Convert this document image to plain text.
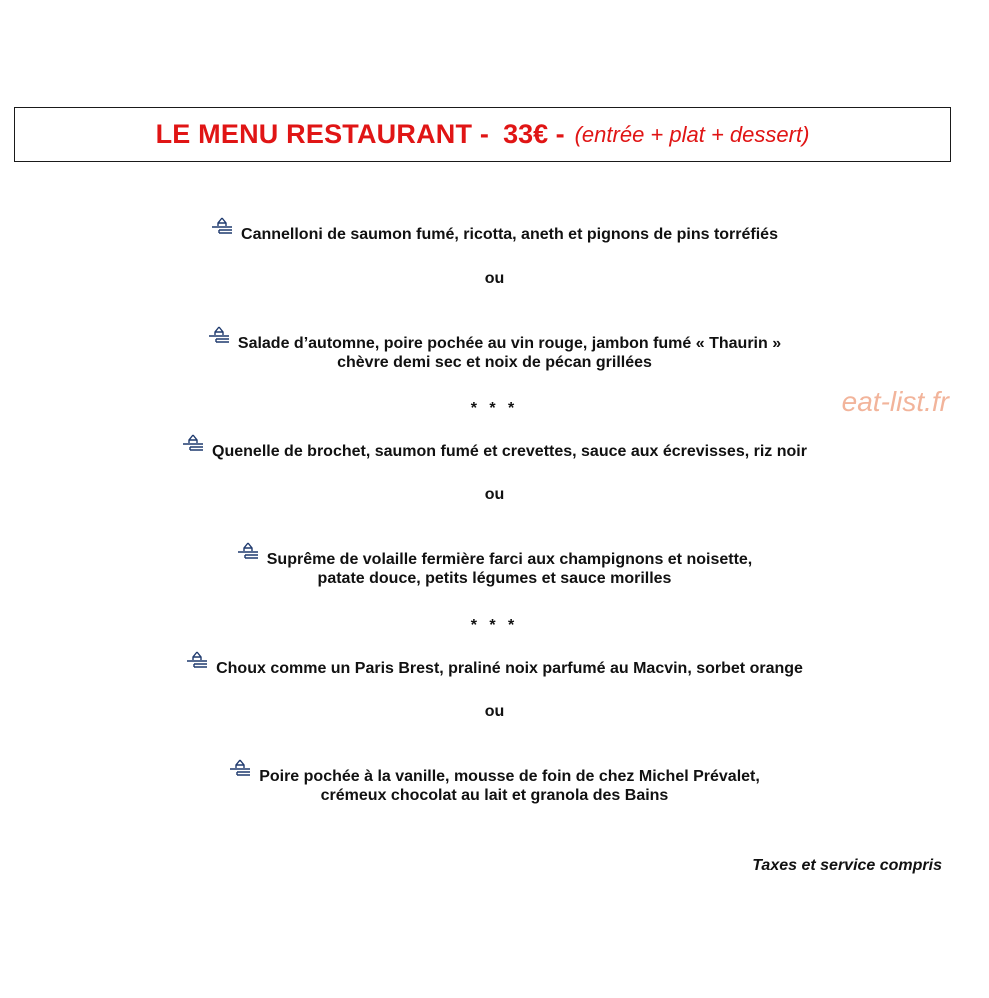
LE MENU RESTAURANT - 33€ - (entrée + plat + dessert)
Cannelloni de saumon fumé, ricotta, aneth et pignons de pins torréfiés
ou
Salade d’automne, poire pochée au vin rouge, jambon fumé « Thaurin »
chèvre demi sec et noix de pécan grillées
* * *
Quenelle de brochet, saumon fumé et crevettes, sauce aux écrevisses, riz noir
ou
Suprême de volaille fermière farci aux champignons et noisette,
patate douce, petits légumes et sauce morilles
* * *
Choux comme un Paris Brest, praliné noix parfumé au Macvin, sorbet orange
ou
Poire pochée à la vanille, mousse de foin de chez Michel Prévalet,
crémeux chocolat au lait et granola des Bains
eat-list.fr
Taxes et service compris
